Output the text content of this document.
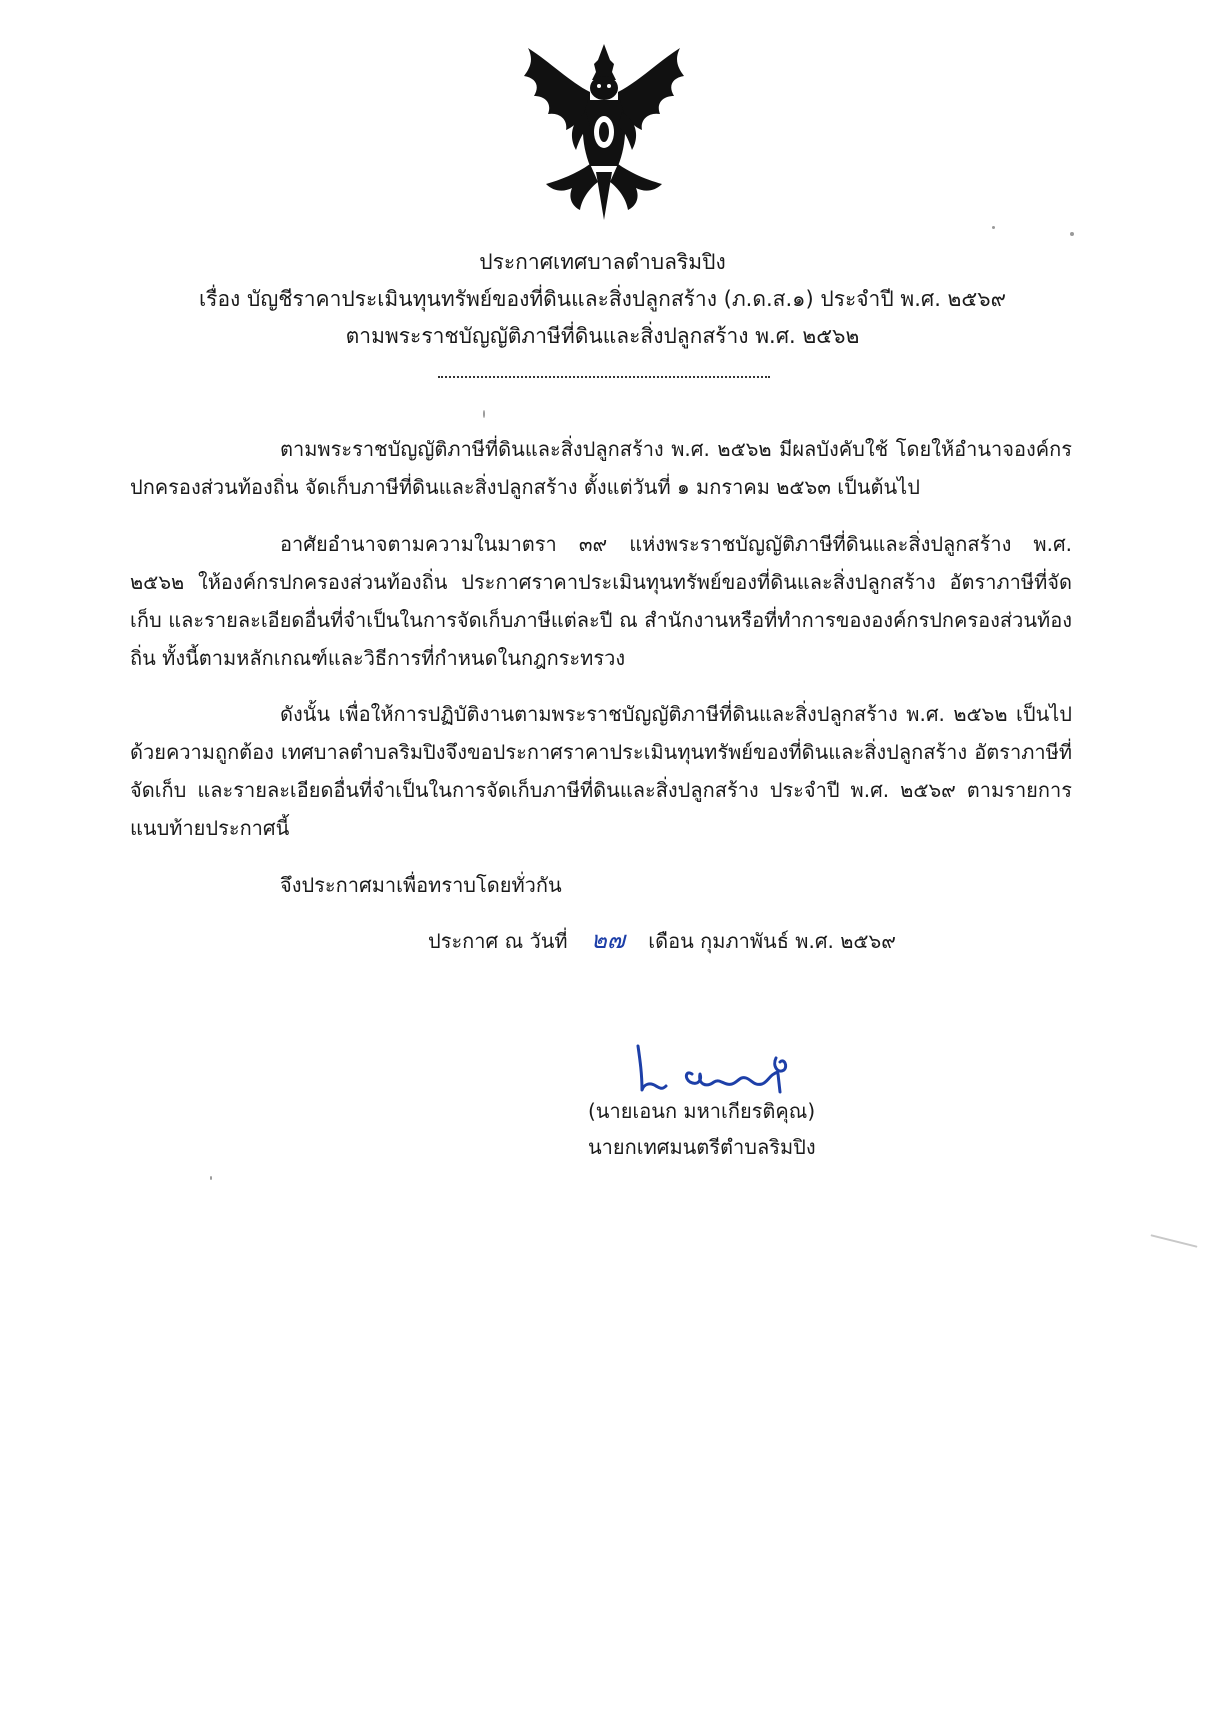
ประกาศเทศบาลตำบลริมปิง
เรื่อง บัญชีราคาประเมินทุนทรัพย์ของที่ดินและสิ่งปลูกสร้าง (ภ.ด.ส.๑) ประจำปี พ.ศ. ๒๕๖๙
ตามพระราชบัญญัติภาษีที่ดินและสิ่งปลูกสร้าง พ.ศ. ๒๕๖๒
ตามพระราชบัญญัติภาษีที่ดินและสิ่งปลูกสร้าง พ.ศ. ๒๕๖๒ มีผลบังคับใช้ โดยให้อำนาจองค์กรปกครองส่วนท้องถิ่น จัดเก็บภาษีที่ดินและสิ่งปลูกสร้าง ตั้งแต่วันที่ ๑ มกราคม ๒๕๖๓ เป็นต้นไป
อาศัยอำนาจตามความในมาตรา ๓๙ แห่งพระราชบัญญัติภาษีที่ดินและสิ่งปลูกสร้าง พ.ศ. ๒๕๖๒ ให้องค์กรปกครองส่วนท้องถิ่น ประกาศราคาประเมินทุนทรัพย์ของที่ดินและสิ่งปลูกสร้าง อัตราภาษีที่จัดเก็บ และรายละเอียดอื่นที่จำเป็นในการจัดเก็บภาษีแต่ละปี ณ สำนักงานหรือที่ทำการขององค์กรปกครองส่วนท้องถิ่น ทั้งนี้ตามหลักเกณฑ์และวิธีการที่กำหนดในกฎกระทรวง
ดังนั้น เพื่อให้การปฏิบัติงานตามพระราชบัญญัติภาษีที่ดินและสิ่งปลูกสร้าง พ.ศ. ๒๕๖๒ เป็นไปด้วยความถูกต้อง เทศบาลตำบลริมปิงจึงขอประกาศราคาประเมินทุนทรัพย์ของที่ดินและสิ่งปลูกสร้าง อัตราภาษีที่จัดเก็บ และรายละเอียดอื่นที่จำเป็นในการจัดเก็บภาษีที่ดินและสิ่งปลูกสร้าง ประจำปี พ.ศ. ๒๕๖๙ ตามรายการแนบท้ายประกาศนี้
จึงประกาศมาเพื่อทราบโดยทั่วกัน
ประกาศ ณ วันที่ ๒๗ เดือน กุมภาพันธ์ พ.ศ. ๒๕๖๙
(นายเอนก มหาเกียรติคุณ)
นายกเทศมนตรีตำบลริมปิง
